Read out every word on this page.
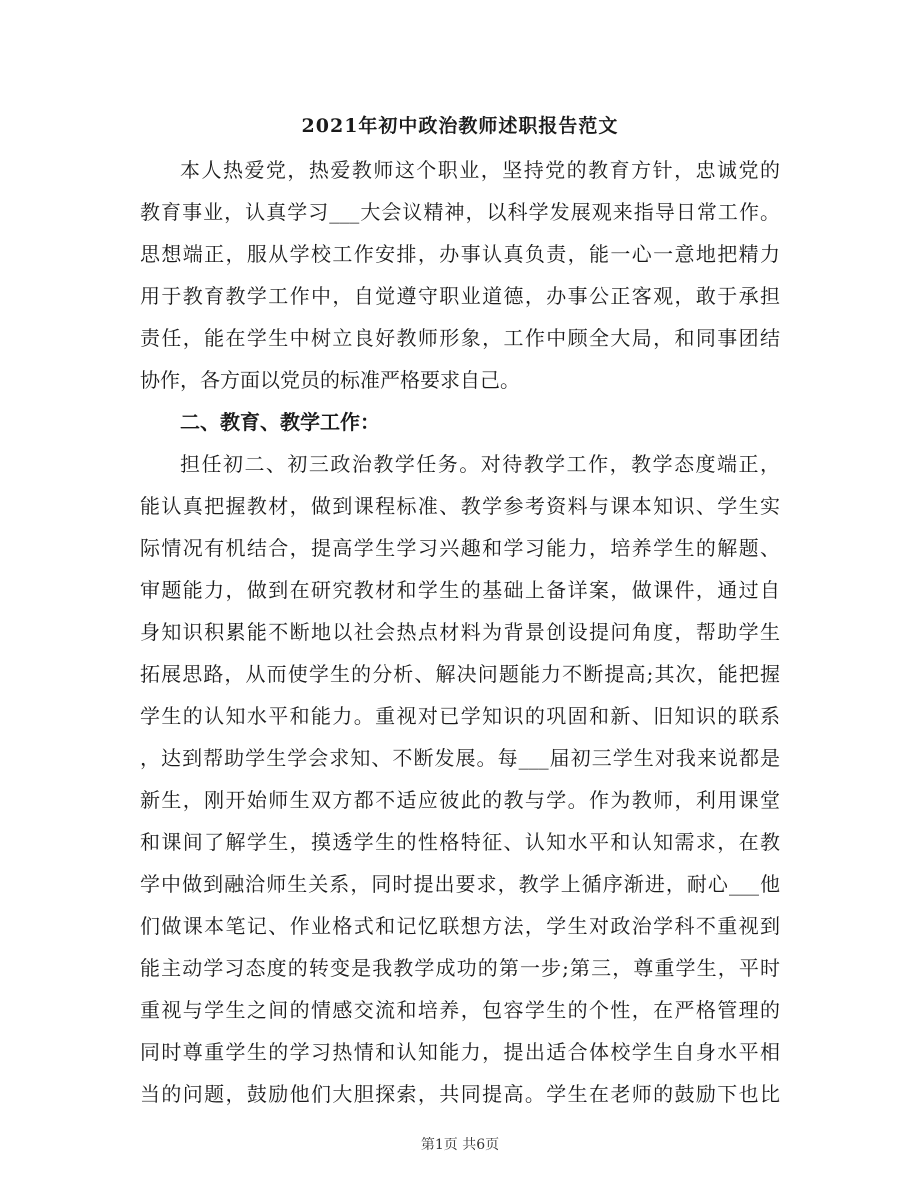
2021年初中政治教师述职报告范文
本人热爱党，热爱教师这个职业，坚持党的教育方针，忠诚党的
教育事业，认真学习___大会议精神，以科学发展观来指导日常工作。
思想端正，服从学校工作安排，办事认真负责，能一心一意地把精力
用于教育教学工作中，自觉遵守职业道德，办事公正客观，敢于承担
责任，能在学生中树立良好教师形象，工作中顾全大局，和同事团结
协作，各方面以党员的标准严格要求自己。
二、教育、教学工作：
担任初二、初三政治教学任务。对待教学工作，教学态度端正，
能认真把握教材，做到课程标准、教学参考资料与课本知识、学生实
际情况有机结合，提高学生学习兴趣和学习能力，培养学生的解题、
审题能力，做到在研究教材和学生的基础上备详案，做课件，通过自
身知识积累能不断地以社会热点材料为背景创设提问角度，帮助学生
拓展思路，从而使学生的分析、解决问题能力不断提高;其次，能把握
学生的认知水平和能力。重视对已学知识的巩固和新、旧知识的联系
，达到帮助学生学会求知、不断发展。每___届初三学生对我来说都是
新生，刚开始师生双方都不适应彼此的教与学。作为教师，利用课堂
和课间了解学生，摸透学生的性格特征、认知水平和认知需求，在教
学中做到融洽师生关系，同时提出要求，教学上循序渐进，耐心___他
们做课本笔记、作业格式和记忆联想方法，学生对政治学科不重视到
能主动学习态度的转变是我教学成功的第一步;第三，尊重学生，平时
重视与学生之间的情感交流和培养，包容学生的个性，在严格管理的
同时尊重学生的学习热情和认知能力，提出适合体校学生自身水平相
当的问题，鼓励他们大胆探索，共同提高。学生在老师的鼓励下也比
第1页 共6页
